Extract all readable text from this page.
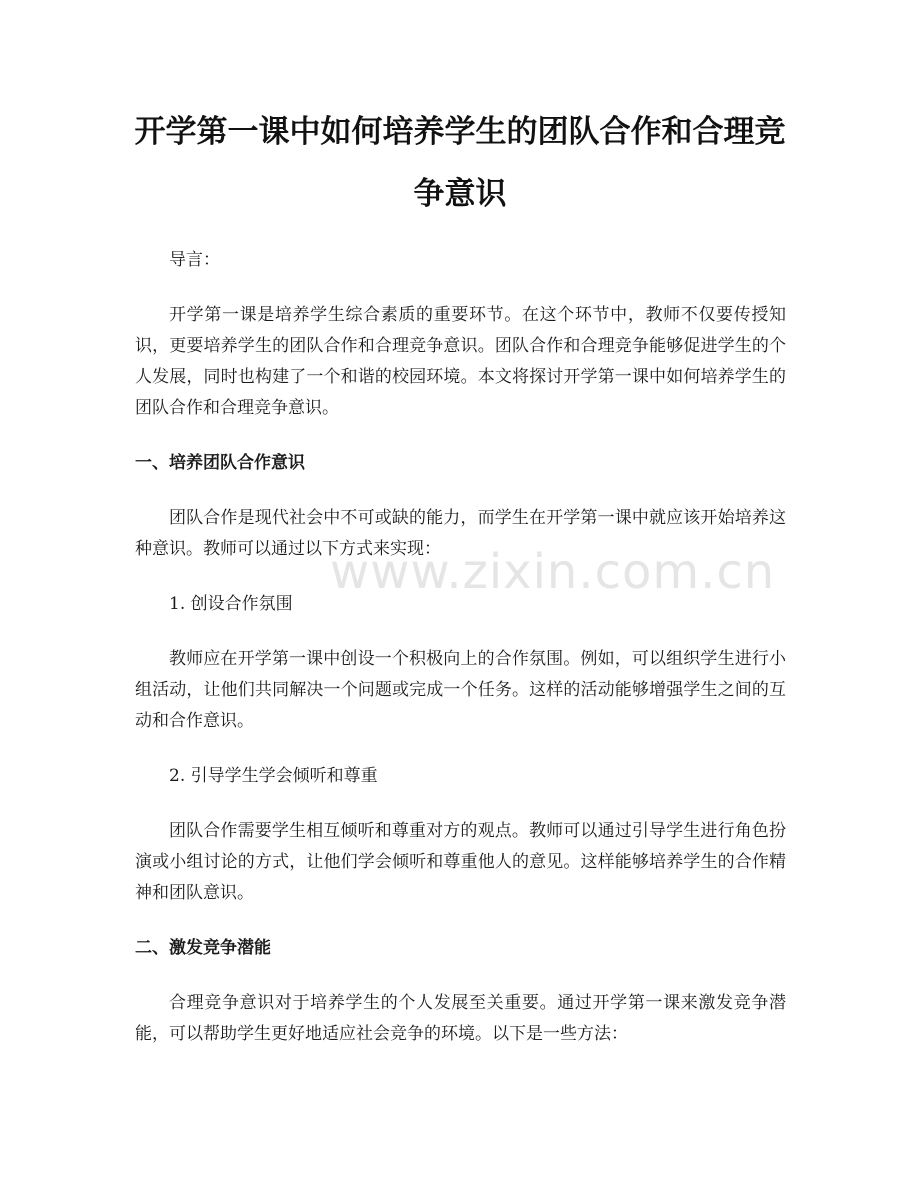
开学第一课中如何培养学生的团队合作和合理竞争意识

导言：

开学第一课是培养学生综合素质的重要环节。在这个环节中，教师不仅要传授知识，更要培养学生的团队合作和合理竞争意识。团队合作和合理竞争能够促进学生的个人发展，同时也构建了一个和谐的校园环境。本文将探讨开学第一课中如何培养学生的团队合作和合理竞争意识。

一、培养团队合作意识

团队合作是现代社会中不可或缺的能力，而学生在开学第一课中就应该开始培养这种意识。教师可以通过以下方式来实现：

1. 创设合作氛围

教师应在开学第一课中创设一个积极向上的合作氛围。例如，可以组织学生进行小组活动，让他们共同解决一个问题或完成一个任务。这样的活动能够增强学生之间的互动和合作意识。

2. 引导学生学会倾听和尊重

团队合作需要学生相互倾听和尊重对方的观点。教师可以通过引导学生进行角色扮演或小组讨论的方式，让他们学会倾听和尊重他人的意见。这样能够培养学生的合作精神和团队意识。

二、激发竞争潜能

合理竞争意识对于培养学生的个人发展至关重要。通过开学第一课来激发竞争潜能，可以帮助学生更好地适应社会竞争的环境。以下是一些方法：

www.zixin.com.cn
